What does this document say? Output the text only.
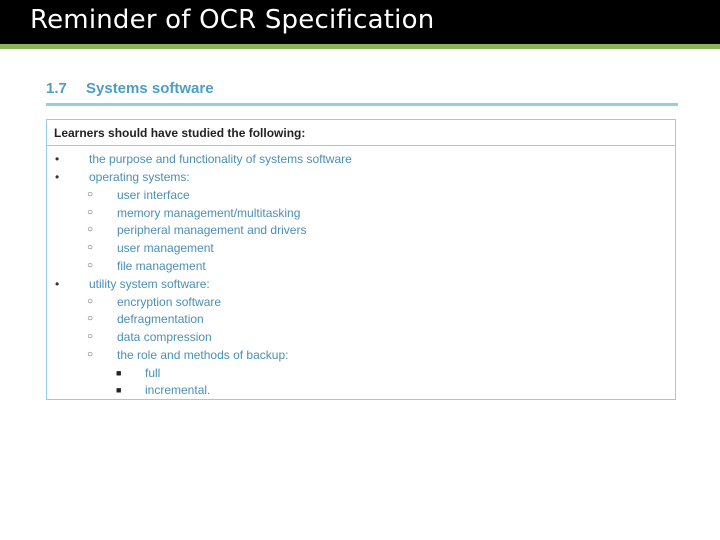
Reminder of OCR Specification
1.7 Systems software
Learners should have studied the following:
• the purpose and functionality of systems software
• operating systems:
○ user interface
○ memory management/multitasking
○ peripheral management and drivers
○ user management
○ file management
• utility system software:
○ encryption software
○ defragmentation
○ data compression
○ the role and methods of backup:
■ full
■ incremental.
